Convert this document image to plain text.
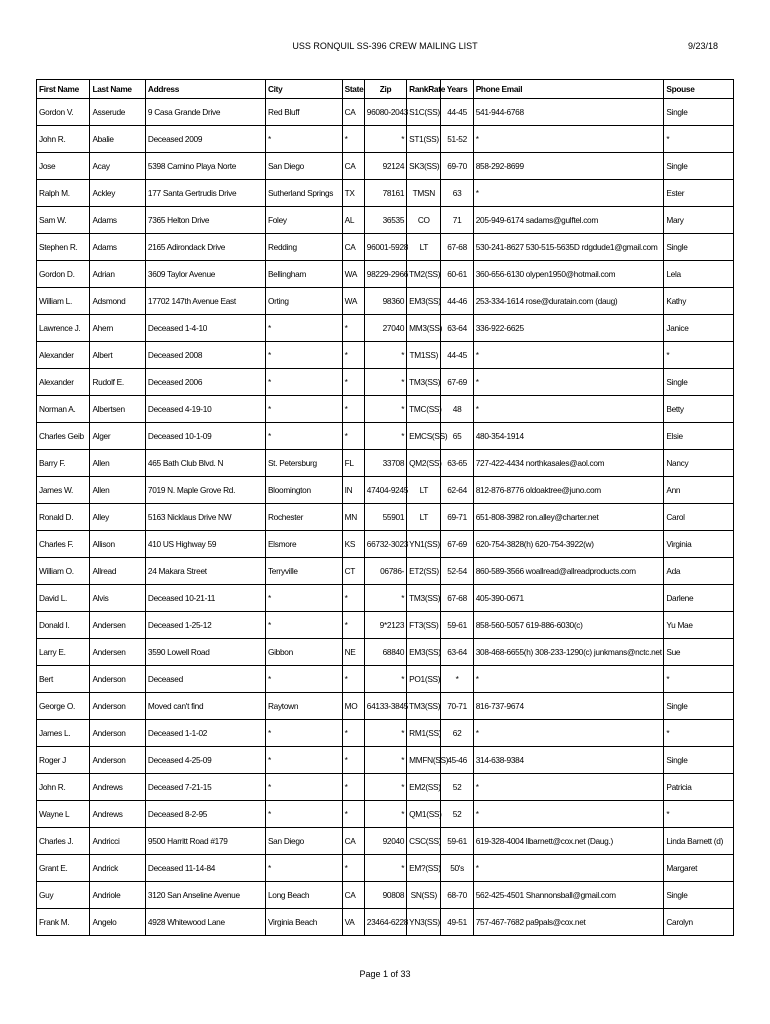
USS RONQUIL SS-396 CREW MAILING LIST	9/23/18
First Name	Last Name	Address	City	State	Zip	RankRate	Years	Phone Email	Spouse
Gordon V.	Asserude	9 Casa Grande Drive	Red Bluff	CA	96080-2043	S1C(SS)	44-45	541-944-6768	Single
John R.	Abalie	Deceased 2009	*	*	*	ST1(SS)	51-52	*	*
Jose	Acay	5398 Camino Playa Norte	San Diego	CA	92124	SK3(SS)	69-70	858-292-8699	Single
Ralph M.	Ackley	177 Santa Gertrudis Drive	Sutherland Springs	TX	78161	TMSN	63	*	Ester
Sam W.	Adams	7365 Helton Drive	Foley	AL	36535	CO	71	205-949-6174 sadams@gulftel.com	Mary
Stephen R.	Adams	2165 Adirondack Drive	Redding	CA	96001-5928	LT	67-68	530-241-8627 530-515-5635D rdgdude1@gmail.com	Single
Gordon D.	Adrian	3609 Taylor Avenue	Bellingham	WA	98229-2966	TM2(SS)	60-61	360-656-6130 olypen1950@hotmail.com	Lela
William L.	Adsmond	17702 147th Avenue East	Orting	WA	98360	EM3(SS)	44-46	253-334-1614 rose@duratain.com (daug)	Kathy
Lawrence J.	Ahern	Deceased 1-4-10	*	*	27040	MM3(SS)	63-64	336-922-6625	Janice
Alexander	Albert	Deceased 2008	*	*	*	TM1SS)	44-45	*	*
Alexander	Rudolf E.	Deceased 2006	*	*	*	TM3(SS)	67-69	*	Single
Norman A.	Albertsen	Deceased 4-19-10	*	*	*	TMC(SS)	48	*	Betty
Charles Geib	Alger	Deceased 10-1-09	*	*	*	EMCS(SS)	65	480-354-1914	Elsie
Barry F.	Allen	465 Bath Club Blvd. N	St. Petersburg	FL	33708	QM2(SS)	63-65	727-422-4434 northkasales@aol.com	Nancy
James W.	Allen	7019 N. Maple Grove Rd.	Bloomington	IN	47404-9245	LT	62-64	812-876-8776 oldoaktree@juno.com	Ann
Ronald D.	Alley	5163 Nicklaus Drive NW	Rochester	MN	55901	LT	69-71	651-808-3982 ron.alley@charter.net	Carol
Charles F.	Allison	410 US Highway 59	Elsmore	KS	66732-3023	YN1(SS)	67-69	620-754-3828(h) 620-754-3922(w)	Virginia
William O.	Allread	24 Makara Street	Terryville	CT	06786-	ET2(SS)	52-54	860-589-3566 woallread@allreadproducts.com	Ada
David L.	Alvis	Deceased 10-21-11	*	*	*	TM3(SS)	67-68	405-390-0671	Darlene
Donald I.	Andersen	Deceased 1-25-12	*	*	9*2123	FT3(SS)	59-61	858-560-5057 619-886-6030(c)	Yu Mae
Larry E.	Andersen	3590 Lowell Road	Gibbon	NE	68840	EM3(SS)	63-64	308-468-6655(h) 308-233-1290(c) junkmans@nctc.net	Sue
Bert	Anderson	Deceased	*	*	*	PO1(SS)	*	*	*
George O.	Anderson	Moved can't find	Raytown	MO	64133-3845	TM3(SS)	70-71	816-737-9674	Single
James L.	Anderson	Deceased 1-1-02	*	*	*	RM1(SS)	62	*	*
Roger J	Anderson	Deceased 4-25-09	*	*	*	MMFN(SS)	45-46	314-638-9384	Single
John R.	Andrews	Deceased 7-21-15	*	*	*	EM2(SS)	52	*	Patricia
Wayne L	Andrews	Deceased 8-2-95	*	*	*	QM1(SS)	52	*	*
Charles J.	Andricci	9500 Harritt Road #179	San Diego	CA	92040	CSC(SS)	59-61	619-328-4004 llbarnett@cox.net (Daug.)	Linda Barnett (d)
Grant E.	Andrick	Deceased 11-14-84	*	*	*	EM?(SS)	50's	*	Margaret
Guy	Andriole	3120 San Anseline Avenue	Long Beach	CA	90808	SN(SS)	68-70	562-425-4501 Shannonsball@gmail.com	Single
Frank M.	Angelo	4928 Whitewood Lane	Virginia Beach	VA	23464-6228	YN3(SS)	49-51	757-467-7682 pa9pals@cox.net	Carolyn
Page 1 of 33
